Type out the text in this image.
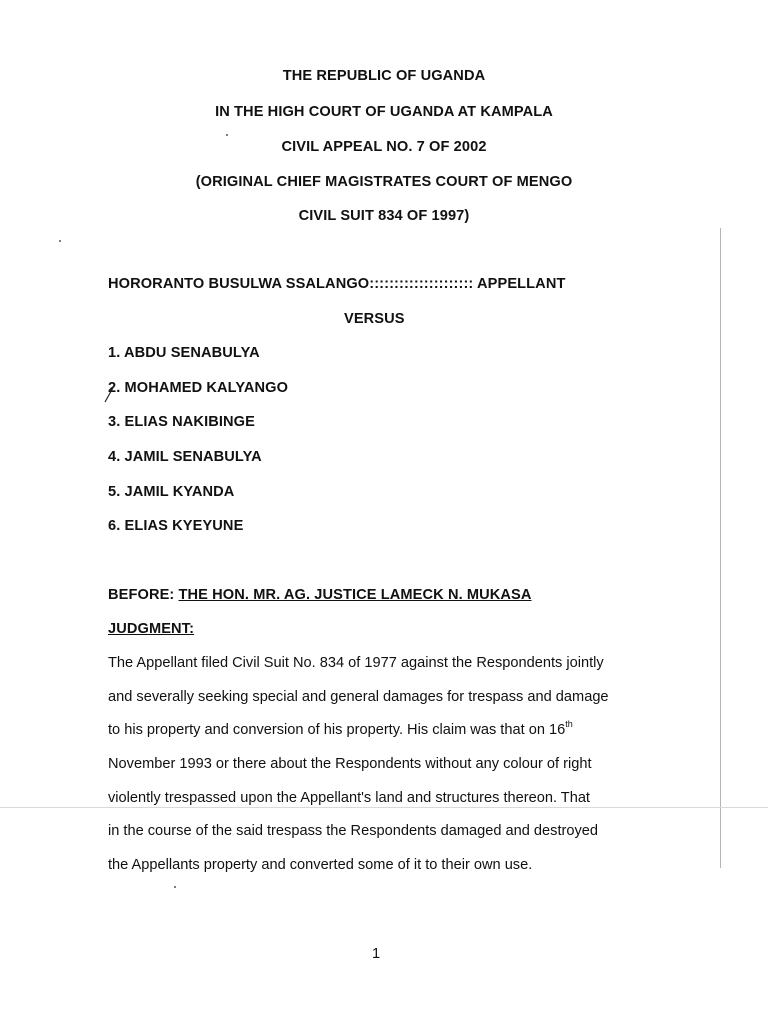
THE REPUBLIC OF UGANDA
IN THE HIGH COURT OF UGANDA AT KAMPALA
CIVIL APPEAL NO. 7 OF 2002
(ORIGINAL CHIEF MAGISTRATES COURT OF MENGO
CIVIL SUIT 834 OF 1997)
HORORANTO BUSULWA SSALANGO::::::::::::::::::::: APPELLANT
VERSUS
1. ABDU SENABULYA
2. MOHAMED KALYANGO
3. ELIAS NAKIBINGE
4. JAMIL SENABULYA
5. JAMIL KYANDA
6. ELIAS KYEYUNE
BEFORE: THE HON. MR. AG. JUSTICE LAMECK N. MUKASA
JUDGMENT:
The Appellant filed Civil Suit No. 834 of 1977 against the Respondents jointly
and severally seeking special and general damages for trespass and damage
to his property and conversion of his property. His claim was that on 16th
November 1993 or there about the Respondents without any colour of right
violently trespassed upon the Appellant's land and structures thereon. That
in the course of the said trespass the Respondents damaged and destroyed
the Appellants property and converted some of it to their own use.
1
